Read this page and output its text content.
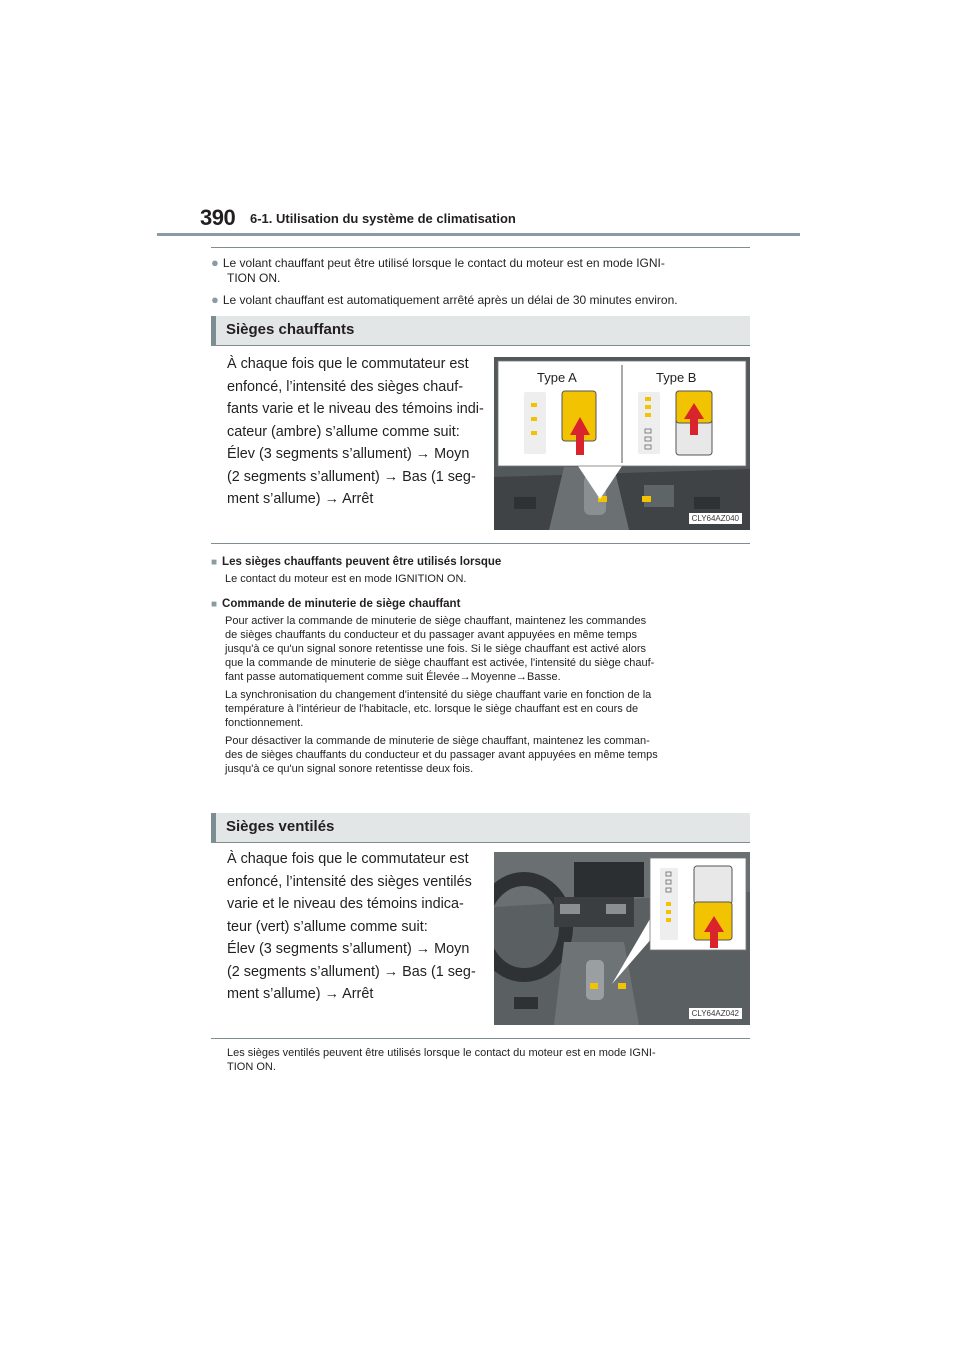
390 6-1. Utilisation du système de climatisation
● Le volant chauffant peut être utilisé lorsque le contact du moteur est en mode IGNI-
TION ON.
● Le volant chauffant est automatiquement arrêté après un délai de 30 minutes environ.
Sièges chauffants
À chaque fois que le commutateur est
enfoncé, l’intensité des sièges chauf-
fants varie et le niveau des témoins indi-
cateur (ambre) s’allume comme suit:
Élev (3 segments s’allument) → Moyn
(2 segments s’allument) → Bas (1 seg-
ment s’allume) → Arrêt
Type A	Type B
CLY64AZ040
■ Les sièges chauffants peuvent être utilisés lorsque
Le contact du moteur est en mode IGNITION ON.
■ Commande de minuterie de siège chauffant
Pour activer la commande de minuterie de siège chauffant, maintenez les commandes
de sièges chauffants du conducteur et du passager avant appuyées en même temps
jusqu'à ce qu'un signal sonore retentisse une fois. Si le siège chauffant est activé alors
que la commande de minuterie de siège chauffant est activée, l'intensité du siège chauf-
fant passe automatiquement comme suit Élevée→Moyenne→Basse.
La synchronisation du changement d'intensité du siège chauffant varie en fonction de la
température à l'intérieur de l'habitacle, etc. lorsque le siège chauffant est en cours de
fonctionnement.
Pour désactiver la commande de minuterie de siège chauffant, maintenez les comman-
des de sièges chauffants du conducteur et du passager avant appuyées en même temps
jusqu'à ce qu'un signal sonore retentisse deux fois.
Sièges ventilés
À chaque fois que le commutateur est
enfoncé, l’intensité des sièges ventilés
varie et le niveau des témoins indica-
teur (vert) s’allume comme suit:
Élev (3 segments s’allument) → Moyn
(2 segments s’allument) → Bas (1 seg-
ment s’allume) → Arrêt
CLY64AZ042
Les sièges ventilés peuvent être utilisés lorsque le contact du moteur est en mode IGNI-
TION ON.
